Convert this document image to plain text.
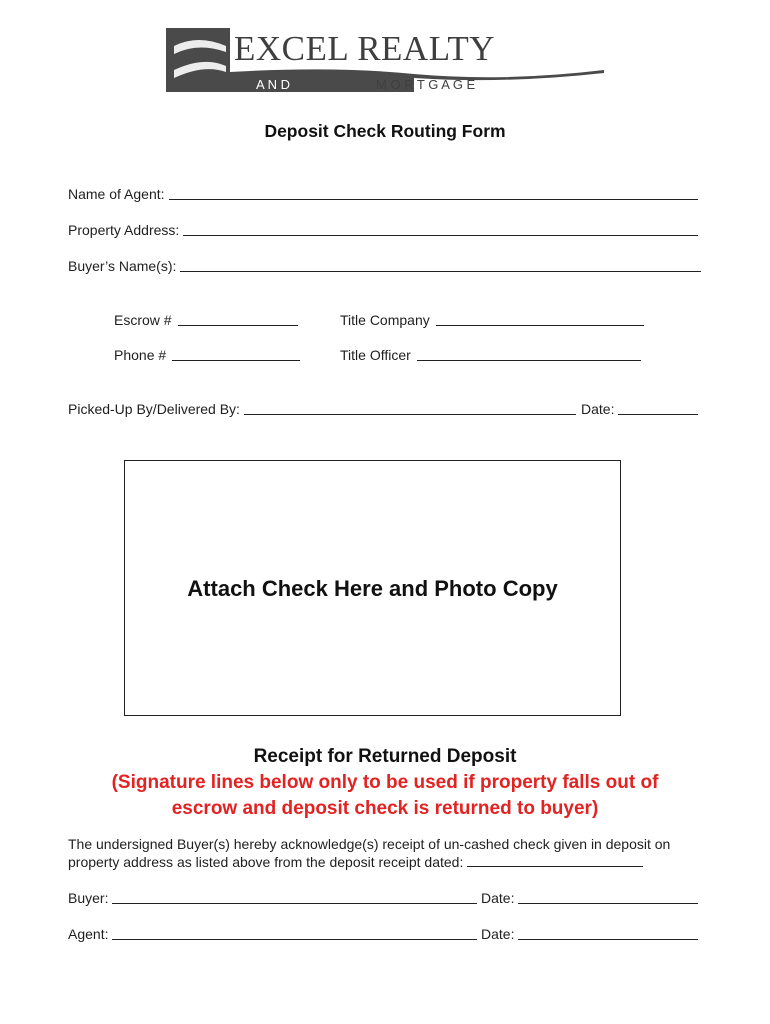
EXCEL REALTY
A N D	M O R T G A G E
Deposit Check Routing Form
Name of Agent:
Property Address:
Buyer’s Name(s):
Escrow #	Title Company
Phone #	Title Officer
Picked-Up By/Delivered By:	Date:
Attach Check Here and Photo Copy
Receipt for Returned Deposit
(Signature lines below only to be used if property falls out of escrow and deposit check is returned to buyer)
The undersigned Buyer(s) hereby acknowledge(s) receipt of un-cashed check given in deposit on property address as listed above from the deposit receipt dated:
Buyer:	Date:
Agent:	Date:
